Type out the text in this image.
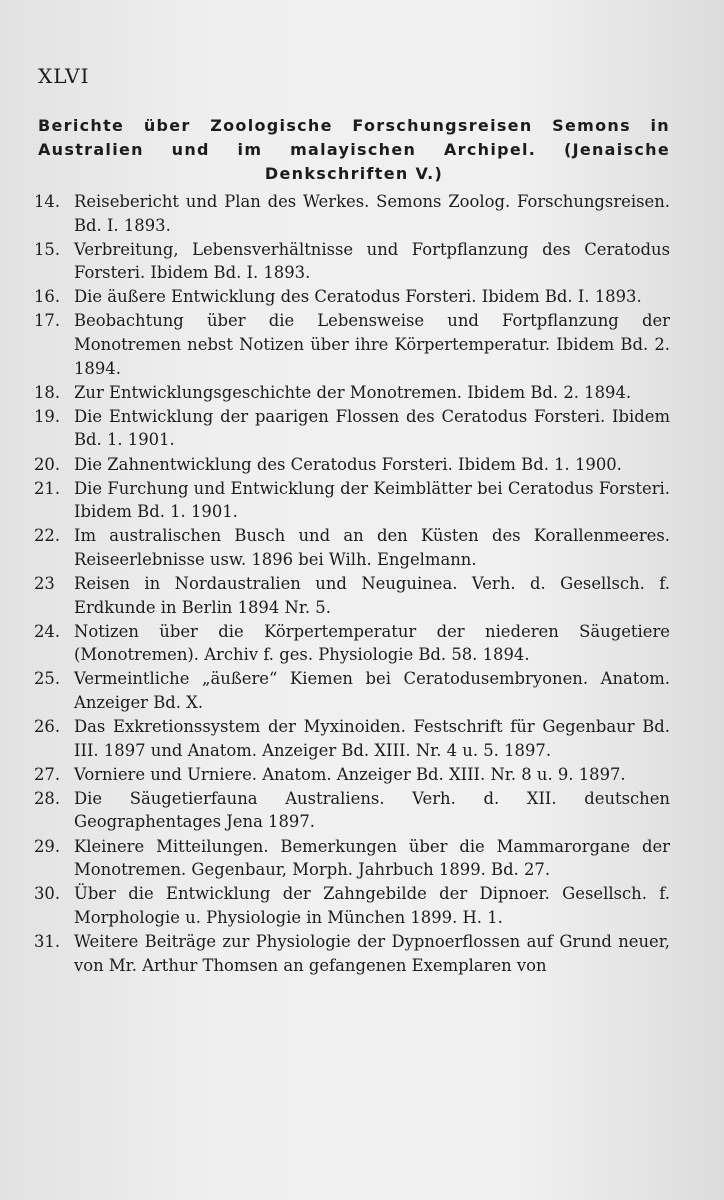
XLVI
Berichte über Zoologische Forschungsreisen Semons in Australien und im malayischen Archipel. (Jenaische Denkschriften V.)
14. Reisebericht und Plan des Werkes. Semons Zoolog. Forschungsreisen. Bd. I. 1893.
15. Verbreitung, Lebensverhältnisse und Fortpflanzung des Ceratodus Forsteri. Ibidem Bd. I. 1893.
16. Die äußere Entwicklung des Ceratodus Forsteri. Ibidem Bd. I. 1893.
17. Beobachtung über die Lebensweise und Fortpflanzung der Monotremen nebst Notizen über ihre Körpertemperatur. Ibidem Bd. 2. 1894.
18. Zur Entwicklungsgeschichte der Monotremen. Ibidem Bd. 2. 1894.
19. Die Entwicklung der paarigen Flossen des Ceratodus Forsteri. Ibidem Bd. 1. 1901.
20. Die Zahnentwicklung des Ceratodus Forsteri. Ibidem Bd. 1. 1900.
21. Die Furchung und Entwicklung der Keimblätter bei Ceratodus Forsteri. Ibidem Bd. 1. 1901.
22. Im australischen Busch und an den Küsten des Korallenmeeres. Reiseerlebnisse usw. 1896 bei Wilh. Engelmann.
23	Reisen in Nordaustralien und Neuguinea. Verh. d. Gesellsch. f. Erdkunde in Berlin 1894 Nr. 5.
24. Notizen über die Körpertemperatur der niederen Säugetiere (Monotremen). Archiv f. ges. Physiologie Bd. 58. 1894.
25. Vermeintliche „äußere“ Kiemen bei Ceratodusembryonen. Anatom. Anzeiger Bd. X.
26. Das Exkretionssystem der Myxinoiden. Festschrift für Gegenbaur Bd. III. 1897 und Anatom. Anzeiger Bd. XIII. Nr. 4 u. 5. 1897.
27. Vorniere und Urniere. Anatom. Anzeiger Bd. XIII. Nr. 8 u. 9. 1897.
28. Die Säugetierfauna Australiens. Verh. d. XII. deutschen Geographentages Jena 1897.
29. Kleinere Mitteilungen. Bemerkungen über die Mammarorgane der Monotremen. Gegenbaur, Morph. Jahrbuch 1899. Bd. 27.
30. Über die Entwicklung der Zahngebilde der Dipnoer. Gesellsch. f. Morphologie u. Physiologie in München 1899. H. 1.
31. Weitere Beiträge zur Physiologie der Dypnoerflossen auf Grund neuer, von Mr. Arthur Thomsen an gefangenen Exemplaren von
